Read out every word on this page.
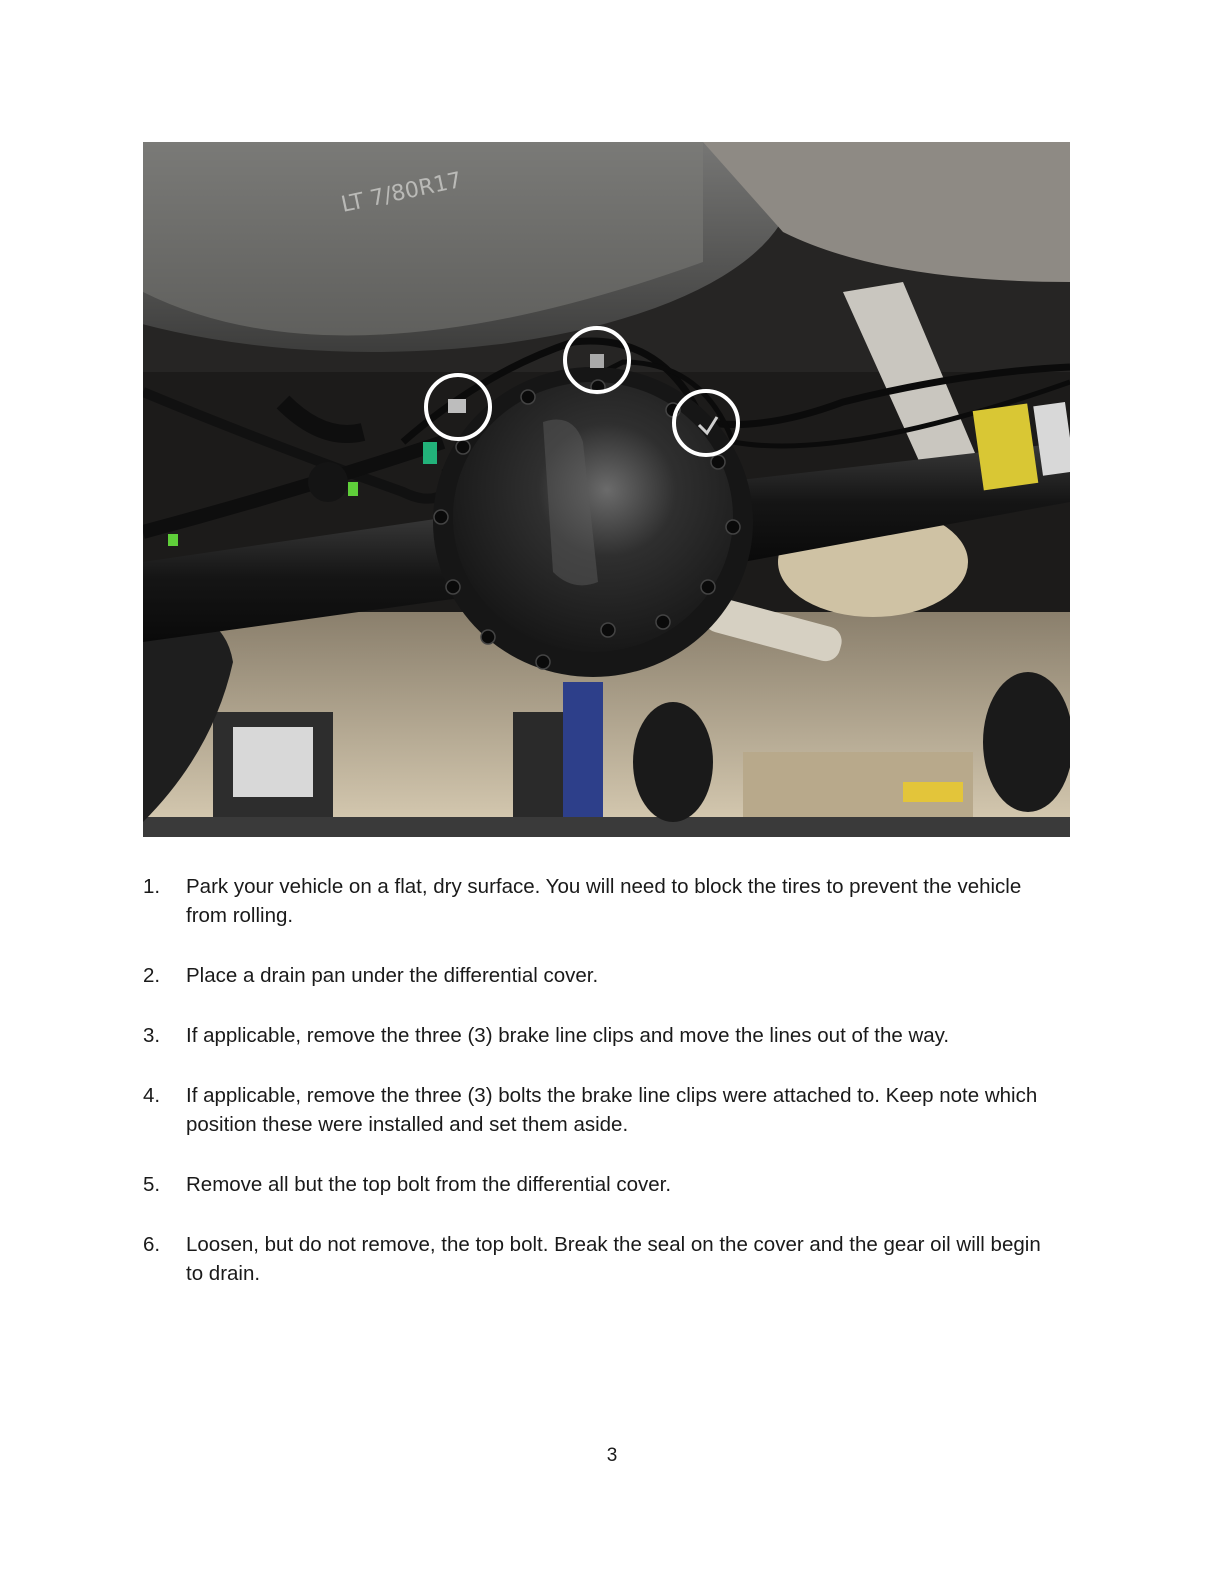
LT 7/80R17
1. Park your vehicle on a flat, dry surface. You will need to block the tires to prevent the vehicle from rolling.
2. Place a drain pan under the differential cover.
3. If applicable, remove the three (3) brake line clips and move the lines out of the way.
4. If applicable, remove the three (3) bolts the brake line clips were attached to. Keep note which position these were installed and set them aside.
5. Remove all but the top bolt from the differential cover.
6. Loosen, but do not remove, the top bolt. Break the seal on the cover and the gear oil will begin to drain.
3
